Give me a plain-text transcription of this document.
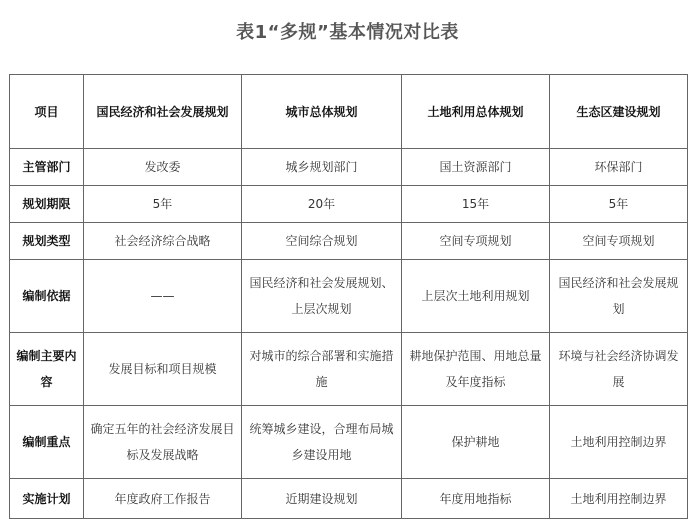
表1“多规”基本情况对比表
项目	国民经济和社会发展规划	城市总体规划	土地利用总体规划	生态区建设规划
主管部门	发改委	城乡规划部门	国土资源部门	环保部门
规划期限	5年	20年	15年	5年
规划类型	社会经济综合战略	空间综合规划	空间专项规划	空间专项规划
编制依据	——	国民经济和社会发展规划、上层次规划	上层次土地利用规划	国民经济和社会发展规划
编制主要内容	发展目标和项目规模	对城市的综合部署和实施措施	耕地保护范围、用地总量及年度指标	环境与社会经济协调发展
编制重点	确定五年的社会经济发展目标及发展战略	统筹城乡建设，合理布局城乡建设用地	保护耕地	土地利用控制边界
实施计划	年度政府工作报告	近期建设规划	年度用地指标	土地利用控制边界
